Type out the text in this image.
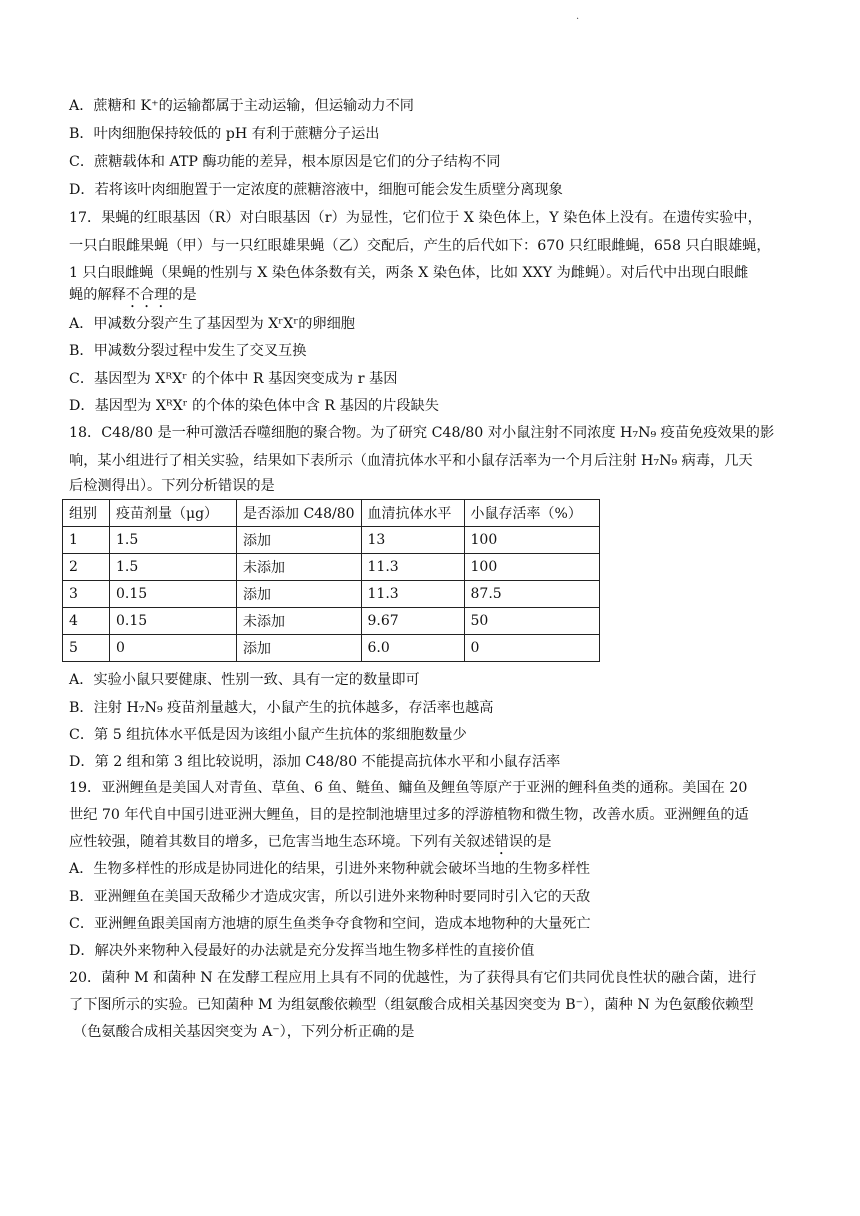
·
A．蔗糖和 K⁺的运输都属于主动运输，但运输动力不同
B．叶肉细胞保持较低的 pH 有利于蔗糖分子运出
C．蔗糖载体和 ATP 酶功能的差异，根本原因是它们的分子结构不同
D．若将该叶肉细胞置于一定浓度的蔗糖溶液中，细胞可能会发生质壁分离现象
17．果蝇的红眼基因（R）对白眼基因（r）为显性，它们位于 X 染色体上，Y 染色体上没有。在遗传实验中，
一只白眼雌果蝇（甲）与一只红眼雄果蝇（乙）交配后，产生的后代如下：670 只红眼雌蝇，658 只白眼雄蝇，
1 只白眼雌蝇（果蝇的性别与 X 染色体条数有关，两条 X 染色体，比如 XXY 为雌蝇）。对后代中出现白眼雌
蝇的解释不合理的是
A．甲减数分裂产生了基因型为 XʳXʳ的卵细胞
B．甲减数分裂过程中发生了交叉互换
C．基因型为 XᴿXʳ 的个体中 R 基因突变成为 r 基因
D．基因型为 XᴿXʳ 的个体的染色体中含 R 基因的片段缺失
18．C48/80 是一种可激活吞噬细胞的聚合物。为了研究 C48/80 对小鼠注射不同浓度 H₇N₉ 疫苗免疫效果的影
响，某小组进行了相关实验，结果如下表所示（血清抗体水平和小鼠存活率为一个月后注射 H₇N₉ 病毒，几天
后检测得出）。下列分析错误的是
组别	疫苗剂量（μg）	是否添加 C48/80	血清抗体水平	小鼠存活率（%）
1	1.5	添加	13	100
2	1.5	未添加	11.3	100
3	0.15	添加	11.3	87.5
4	0.15	未添加	9.67	50
5	0	添加	6.0	0
A．实验小鼠只要健康、性别一致、具有一定的数量即可
B．注射 H₇N₉ 疫苗剂量越大，小鼠产生的抗体越多，存活率也越高
C．第 5 组抗体水平低是因为该组小鼠产生抗体的浆细胞数量少
D．第 2 组和第 3 组比较说明，添加 C48/80 不能提高抗体水平和小鼠存活率
19．亚洲鲤鱼是美国人对青鱼、草鱼、6 鱼、鲢鱼、鳙鱼及鲤鱼等原产于亚洲的鲤科鱼类的通称。美国在 20
世纪 70 年代自中国引进亚洲大鲤鱼，目的是控制池塘里过多的浮游植物和微生物，改善水质。亚洲鲤鱼的适
应性较强，随着其数目的增多，已危害当地生态环境。下列有关叙述错误的是
A．生物多样性的形成是协同进化的结果，引进外来物种就会破坏当地的生物多样性
B．亚洲鲤鱼在美国天敌稀少才造成灾害，所以引进外来物种时要同时引入它的天敌
C．亚洲鲤鱼跟美国南方池塘的原生鱼类争夺食物和空间，造成本地物种的大量死亡
D．解决外来物种入侵最好的办法就是充分发挥当地生物多样性的直接价值
20．菌种 M 和菌种 N 在发酵工程应用上具有不同的优越性，为了获得具有它们共同优良性状的融合菌，进行
了下图所示的实验。已知菌种 M 为组氨酸依赖型（组氨酸合成相关基因突变为 B⁻），菌种 N 为色氨酸依赖型
（色氨酸合成相关基因突变为 A⁻），下列分析正确的是
